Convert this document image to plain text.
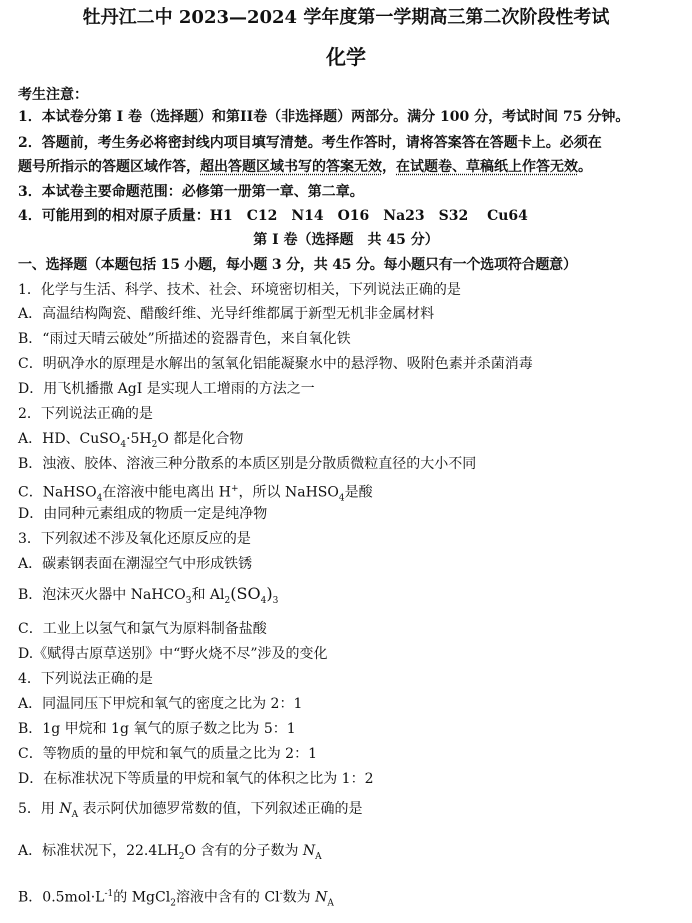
牡丹江二中 2023—2024 学年度第一学期高三第二次阶段性考试
化学
考生注意：
1．本试卷分第 I 卷（选择题）和第II卷（非选择题）两部分。满分 100 分，考试时间 75 分钟。
2．答题前，考生务必将密封线内项目填写清楚。考生作答时，请将答案答在答题卡上。必须在
题号所指示的答题区域作答，超出答题区域书写的答案无效，在试题卷、草稿纸上作答无效。
3．本试卷主要命题范围：必修第一册第一章、第二章。
4．可能用到的相对原子质量：H1　C12　N14　O16　Na23　S32　 Cu64
第 I 卷（选择题　共 45 分）
一、选择题（本题包括 15 小题，每小题 3 分，共 45 分。每小题只有一个选项符合题意）
1．化学与生活、科学、技术、社会、环境密切相关，下列说法正确的是
A．高温结构陶瓷、醋酸纤维、光导纤维都属于新型无机非金属材料
B．“雨过天晴云破处”所描述的瓷器青色，来自氧化铁
C．明矾净水的原理是水解出的氢氧化铝能凝聚水中的悬浮物、吸附色素并杀菌消毒
D．用飞机播撒 AgI 是实现人工增雨的方法之一
2．下列说法正确的是
A．HD、$CuSO_4\cdot 5H_2O$ 都是化合物
B．浊液、胶体、溶液三种分散系的本质区别是分散质微粒直径的大小不同
C．NaHSO$_4$在溶液中能电离出 H+，所以 NaHSO$_4$是酸
D．由同种元素组成的物质一定是纯净物
3．下列叙述不涉及氧化还原反应的是
A．碳素钢表面在潮湿空气中形成铁锈
B．泡沫灭火器中 NaHCO$_3$和 $Al_2(SO_4)_3$
C．工业上以氢气和氯气为原料制备盐酸
D.《赋得古原草送别》中“野火烧不尽”涉及的变化
4．下列说法正确的是
A．同温同压下甲烷和氧气的密度之比为 2：1
B．1g 甲烷和 1g 氧气的原子数之比为 5：1
C．等物质的量的甲烷和氧气的质量之比为 2：1
D．在标准状况下等质量的甲烷和氧气的体积之比为 1：2
5．用 $N_A$ 表示阿伏加德罗常数的值，下列叙述正确的是
A．标准状况下，$22.4LH_2O$ 含有的分子数为 $N_A$
B．$0.5mol\cdot L^{-1}$的 MgCl$_2$溶液中含有的 Cl-数为 $N_A$
